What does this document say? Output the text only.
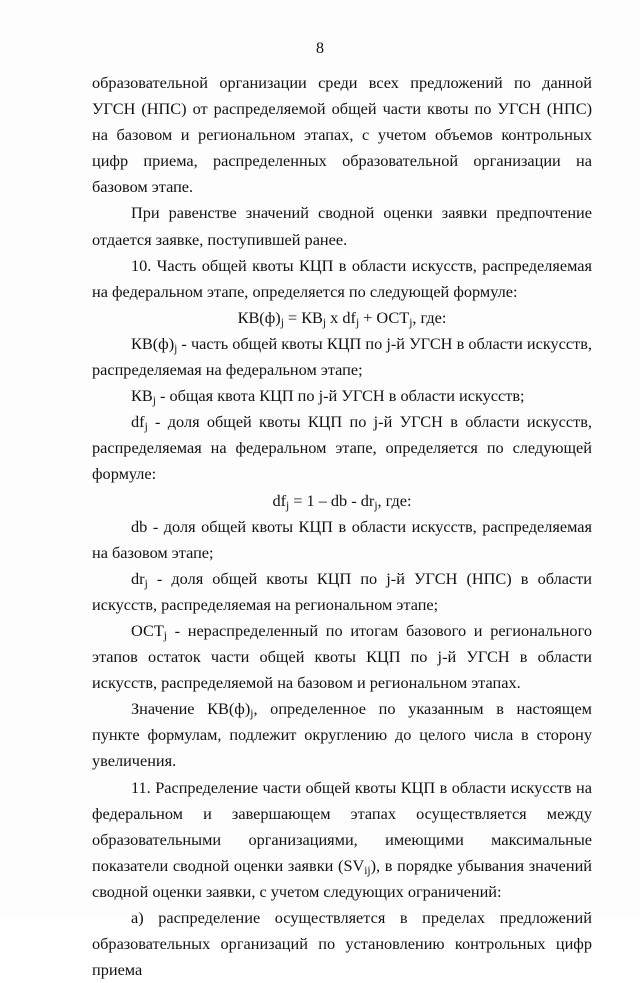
8

образовательной организации среди всех предложений по данной УГСН (НПС) от распределяемой общей части квоты по УГСН (НПС) на базовом и региональном этапах, с учетом объемов контрольных цифр приема, распределенных образовательной организации на базовом этапе.

При равенстве значений сводной оценки заявки предпочтение отдается заявке, поступившей ранее.

10. Часть общей квоты КЦП в области искусств, распределяемая на федеральном этапе, определяется по следующей формуле:

$КВ(ф)_j = КВ_j$ x $df_j + ОСТ_j$, где:

$КВ(ф)_j$ - часть общей квоты КЦП по j-й УГСН в области искусств, распределяемая на федеральном этапе;

$КВ_j$ - общая квота КЦП по j-й УГСН в области искусств;

$df_j$ - доля общей квоты КЦП по j-й УГСН в области искусств, распределяемая на федеральном этапе, определяется по следующей формуле:

$df_j = 1$ – db - $dr_j$, где:

db - доля общей квоты КЦП в области искусств, распределяемая на базовом этапе;

$dr_j$ - доля общей квоты КЦП по j-й УГСН (НПС) в области искусств, распределяемая на региональном этапе;

$ОСТ_j$ - нераспределенный по итогам базового и регионального этапов остаток части общей квоты КЦП по j-й УГСН в области искусств, распределяемой на базовом и региональном этапах.

Значение $КВ(ф)_j$, определенное по указанным в настоящем пункте формулам, подлежит округлению до целого числа в сторону увеличения.

11. Распределение части общей квоты КЦП в области искусств на федеральном и завершающем этапах осуществляется между образовательными организациями, имеющими максимальные показатели сводной оценки заявки $(SV_{ij})$, в порядке убывания значений сводной оценки заявки, с учетом следующих ограничений:

а) распределение осуществляется в пределах предложений образовательных организаций по установлению контрольных цифр приема
